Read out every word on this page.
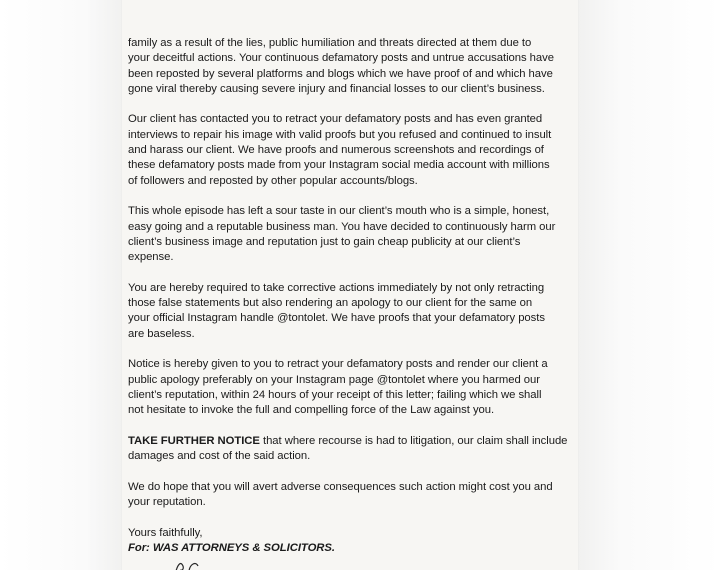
family as a result of the lies, public humiliation and threats directed at them due to
your deceitful actions. Your continuous defamatory posts and untrue accusations have
been reposted by several platforms and blogs which we have proof of and which have
gone viral thereby causing severe injury and financial losses to our client’s business.

Our client has contacted you to retract your defamatory posts and has even granted
interviews to repair his image with valid proofs but you refused and continued to insult
and harass our client. We have proofs and numerous screenshots and recordings of
these defamatory posts made from your Instagram social media account with millions
of followers and reposted by other popular accounts/blogs.

This whole episode has left a sour taste in our client’s mouth who is a simple, honest,
easy going and a reputable business man. You have decided to continuously harm our
client’s business image and reputation just to gain cheap publicity at our client’s
expense.

You are hereby required to take corrective actions immediately by not only retracting
those false statements but also rendering an apology to our client for the same on
your official Instagram handle @tontolet. We have proofs that your defamatory posts
are baseless.

Notice is hereby given to you to retract your defamatory posts and render our client a
public apology preferably on your Instagram page @tontolet where you harmed our
client’s reputation, within 24 hours of your receipt of this letter; failing which we shall
not hesitate to invoke the full and compelling force of the Law against you.

TAKE FURTHER NOTICE that where recourse is had to litigation, our claim shall include
damages and cost of the said action.

We do hope that you will avert adverse consequences such action might cost you and
your reputation.

Yours faithfully,
For: WAS ATTORNEYS & SOLICITORS.
